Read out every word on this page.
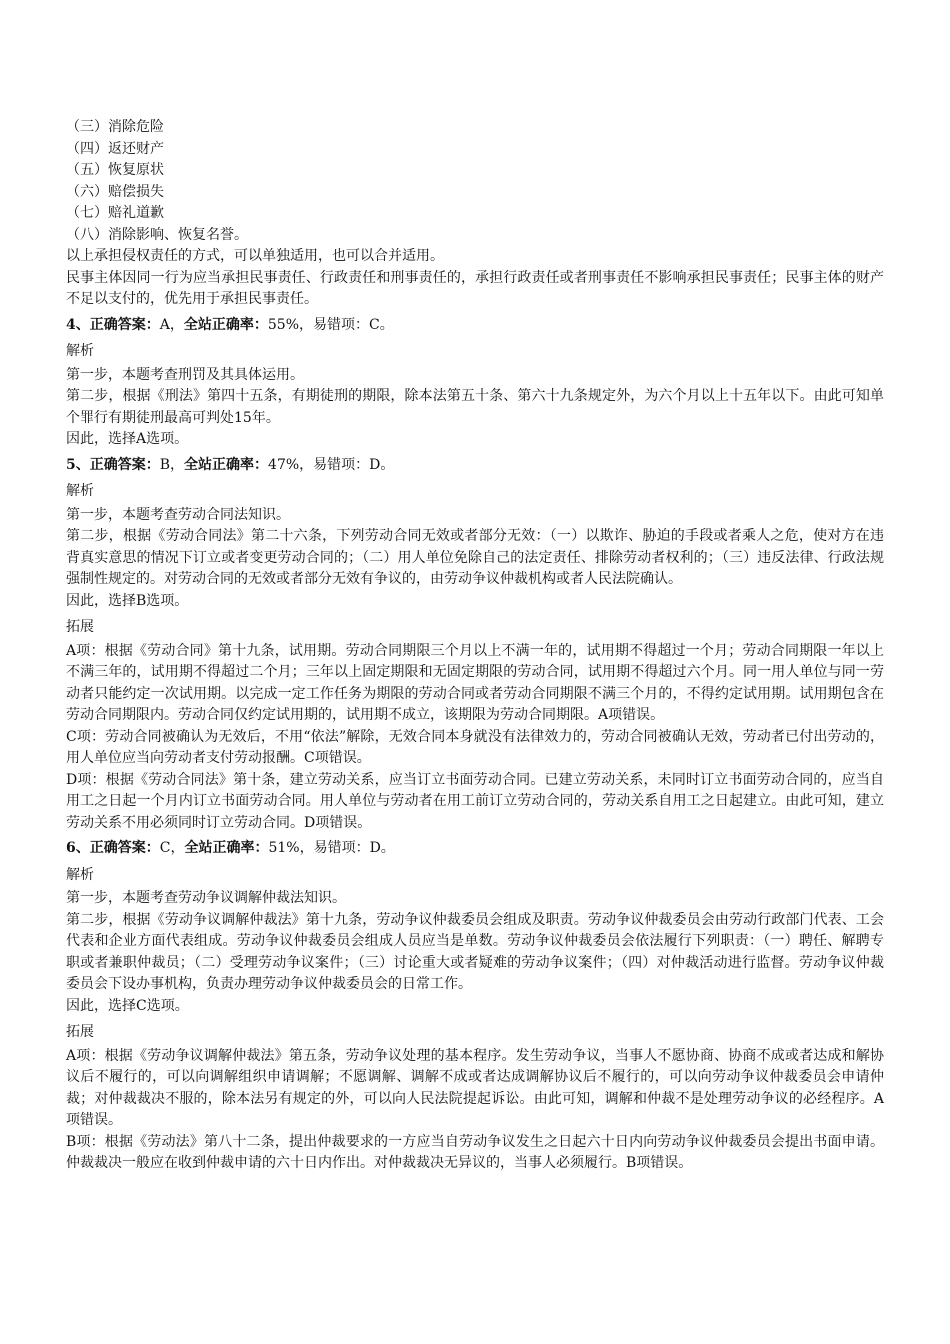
（三）消除危险
（四）返还财产
（五）恢复原状
（六）赔偿损失
（七）赔礼道歉
（八）消除影响、恢复名誉。

以上承担侵权责任的方式，可以单独适用，也可以合并适用。

民事主体因同一行为应当承担民事责任、行政责任和刑事责任的，承担行政责任或者刑事责任不影响承担民事责任；民事主体的财产不足以支付的，优先用于承担民事责任。

4、正确答案：A，全站正确率：55%，易错项：C。
解析

第一步，本题考查刑罚及其具体运用。

第二步，根据《刑法》第四十五条，有期徒刑的期限，除本法第五十条、第六十九条规定外，为六个月以上十五年以下。由此可知单个罪行有期徒刑最高可判处15年。

因此，选择A选项。

5、正确答案：B，全站正确率：47%，易错项：D。
解析

第一步，本题考查劳动合同法知识。

第二步，根据《劳动合同法》第二十六条，下列劳动合同无效或者部分无效：（一）以欺诈、胁迫的手段或者乘人之危，使对方在违背真实意思的情况下订立或者变更劳动合同的；（二）用人单位免除自己的法定责任、排除劳动者权利的；（三）违反法律、行政法规强制性规定的。对劳动合同的无效或者部分无效有争议的，由劳动争议仲裁机构或者人民法院确认。

因此，选择B选项。

拓展

A项：根据《劳动合同》第十九条，试用期。劳动合同期限三个月以上不满一年的，试用期不得超过一个月；劳动合同期限一年以上不满三年的，试用期不得超过二个月；三年以上固定期限和无固定期限的劳动合同，试用期不得超过六个月。同一用人单位与同一劳动者只能约定一次试用期。以完成一定工作任务为期限的劳动合同或者劳动合同期限不满三个月的，不得约定试用期。试用期包含在劳动合同期限内。劳动合同仅约定试用期的，试用期不成立，该期限为劳动合同期限。A项错误。

C项：劳动合同被确认为无效后，不用“依法”解除，无效合同本身就没有法律效力的，劳动合同被确认无效，劳动者已付出劳动的，用人单位应当向劳动者支付劳动报酬。C项错误。

D项：根据《劳动合同法》第十条，建立劳动关系，应当订立书面劳动合同。已建立劳动关系，未同时订立书面劳动合同的，应当自用工之日起一个月内订立书面劳动合同。用人单位与劳动者在用工前订立劳动合同的，劳动关系自用工之日起建立。由此可知，建立劳动关系不用必须同时订立劳动合同。D项错误。

6、正确答案：C，全站正确率：51%，易错项：D。
解析

第一步，本题考查劳动争议调解仲裁法知识。

第二步，根据《劳动争议调解仲裁法》第十九条，劳动争议仲裁委员会组成及职责。劳动争议仲裁委员会由劳动行政部门代表、工会代表和企业方面代表组成。劳动争议仲裁委员会组成人员应当是单数。劳动争议仲裁委员会依法履行下列职责：（一）聘任、解聘专职或者兼职仲裁员；（二）受理劳动争议案件；（三）讨论重大或者疑难的劳动争议案件；（四）对仲裁活动进行监督。劳动争议仲裁委员会下设办事机构，负责办理劳动争议仲裁委员会的日常工作。

因此，选择C选项。

拓展

A项：根据《劳动争议调解仲裁法》第五条，劳动争议处理的基本程序。发生劳动争议，当事人不愿协商、协商不成或者达成和解协议后不履行的，可以向调解组织申请调解；不愿调解、调解不成或者达成调解协议后不履行的，可以向劳动争议仲裁委员会申请仲裁；对仲裁裁决不服的，除本法另有规定的外，可以向人民法院提起诉讼。由此可知，调解和仲裁不是处理劳动争议的必经程序。A项错误。

B项：根据《劳动法》第八十二条，提出仲裁要求的一方应当自劳动争议发生之日起六十日内向劳动争议仲裁委员会提出书面申请。仲裁裁决一般应在收到仲裁申请的六十日内作出。对仲裁裁决无异议的，当事人必须履行。B项错误。
